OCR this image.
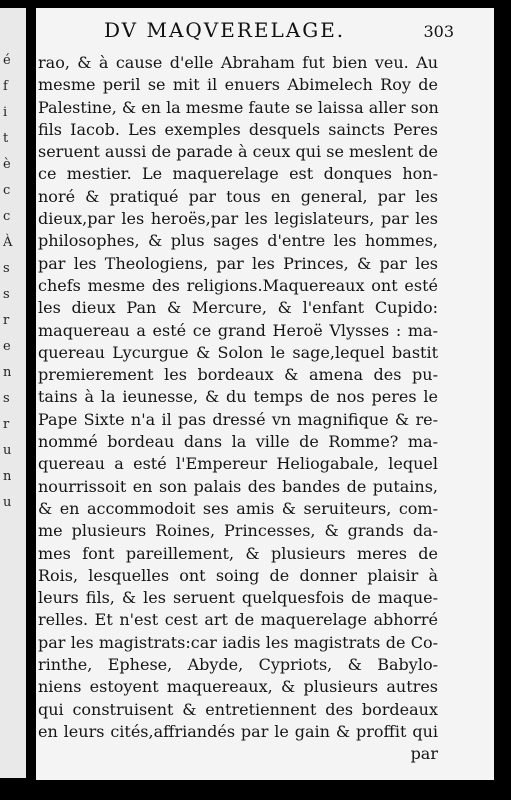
é
f
i
t
è
c
c
À
s
s
r
e
n
s
r
u
n
u
DV MAQVERELAGE.	303
rao, & à cause d'elle Abraham fut bien veu. Au
mesme peril se mit il enuers Abimelech Roy de
Palestine, & en la mesme faute se laissa aller son
fils Iacob. Les exemples desquels saincts Peres
seruent aussi de parade à ceux qui se meslent de
ce mestier. Le maquerelage est donques hon-
noré & pratiqué par tous en general, par les
dieux,par les heroës,par les legislateurs, par les
philosophes, & plus sages d'entre les hommes,
par les Theologiens, par les Princes, & par les
chefs mesme des religions.Maquereaux ont esté
les dieux Pan & Mercure, & l'enfant Cupido:
maquereau a esté ce grand Heroë Vlysses : ma-
quereau Lycurgue & Solon le sage,lequel bastit
premierement les bordeaux & amena des pu-
tains à la ieunesse, & du temps de nos peres le
Pape Sixte n'a il pas dressé vn magnifique & re-
nommé bordeau dans la ville de Romme? ma-
quereau a esté l'Empereur Heliogabale, lequel
nourrissoit en son palais des bandes de putains,
& en accommodoit ses amis & seruiteurs, com-
me plusieurs Roines, Princesses, & grands da-
mes font pareillement, & plusieurs meres de
Rois, lesquelles ont soing de donner plaisir à
leurs fils, & les seruent quelquesfois de maque-
relles. Et n'est cest art de maquerelage abhorré
par les magistrats:car iadis les magistrats de Co-
rinthe, Ephese, Abyde, Cypriots, & Babylo-
niens estoyent maquereaux, & plusieurs autres
qui construisent & entretiennent des bordeaux
en leurs cités,affriandés par le gain & proffit qui
par
